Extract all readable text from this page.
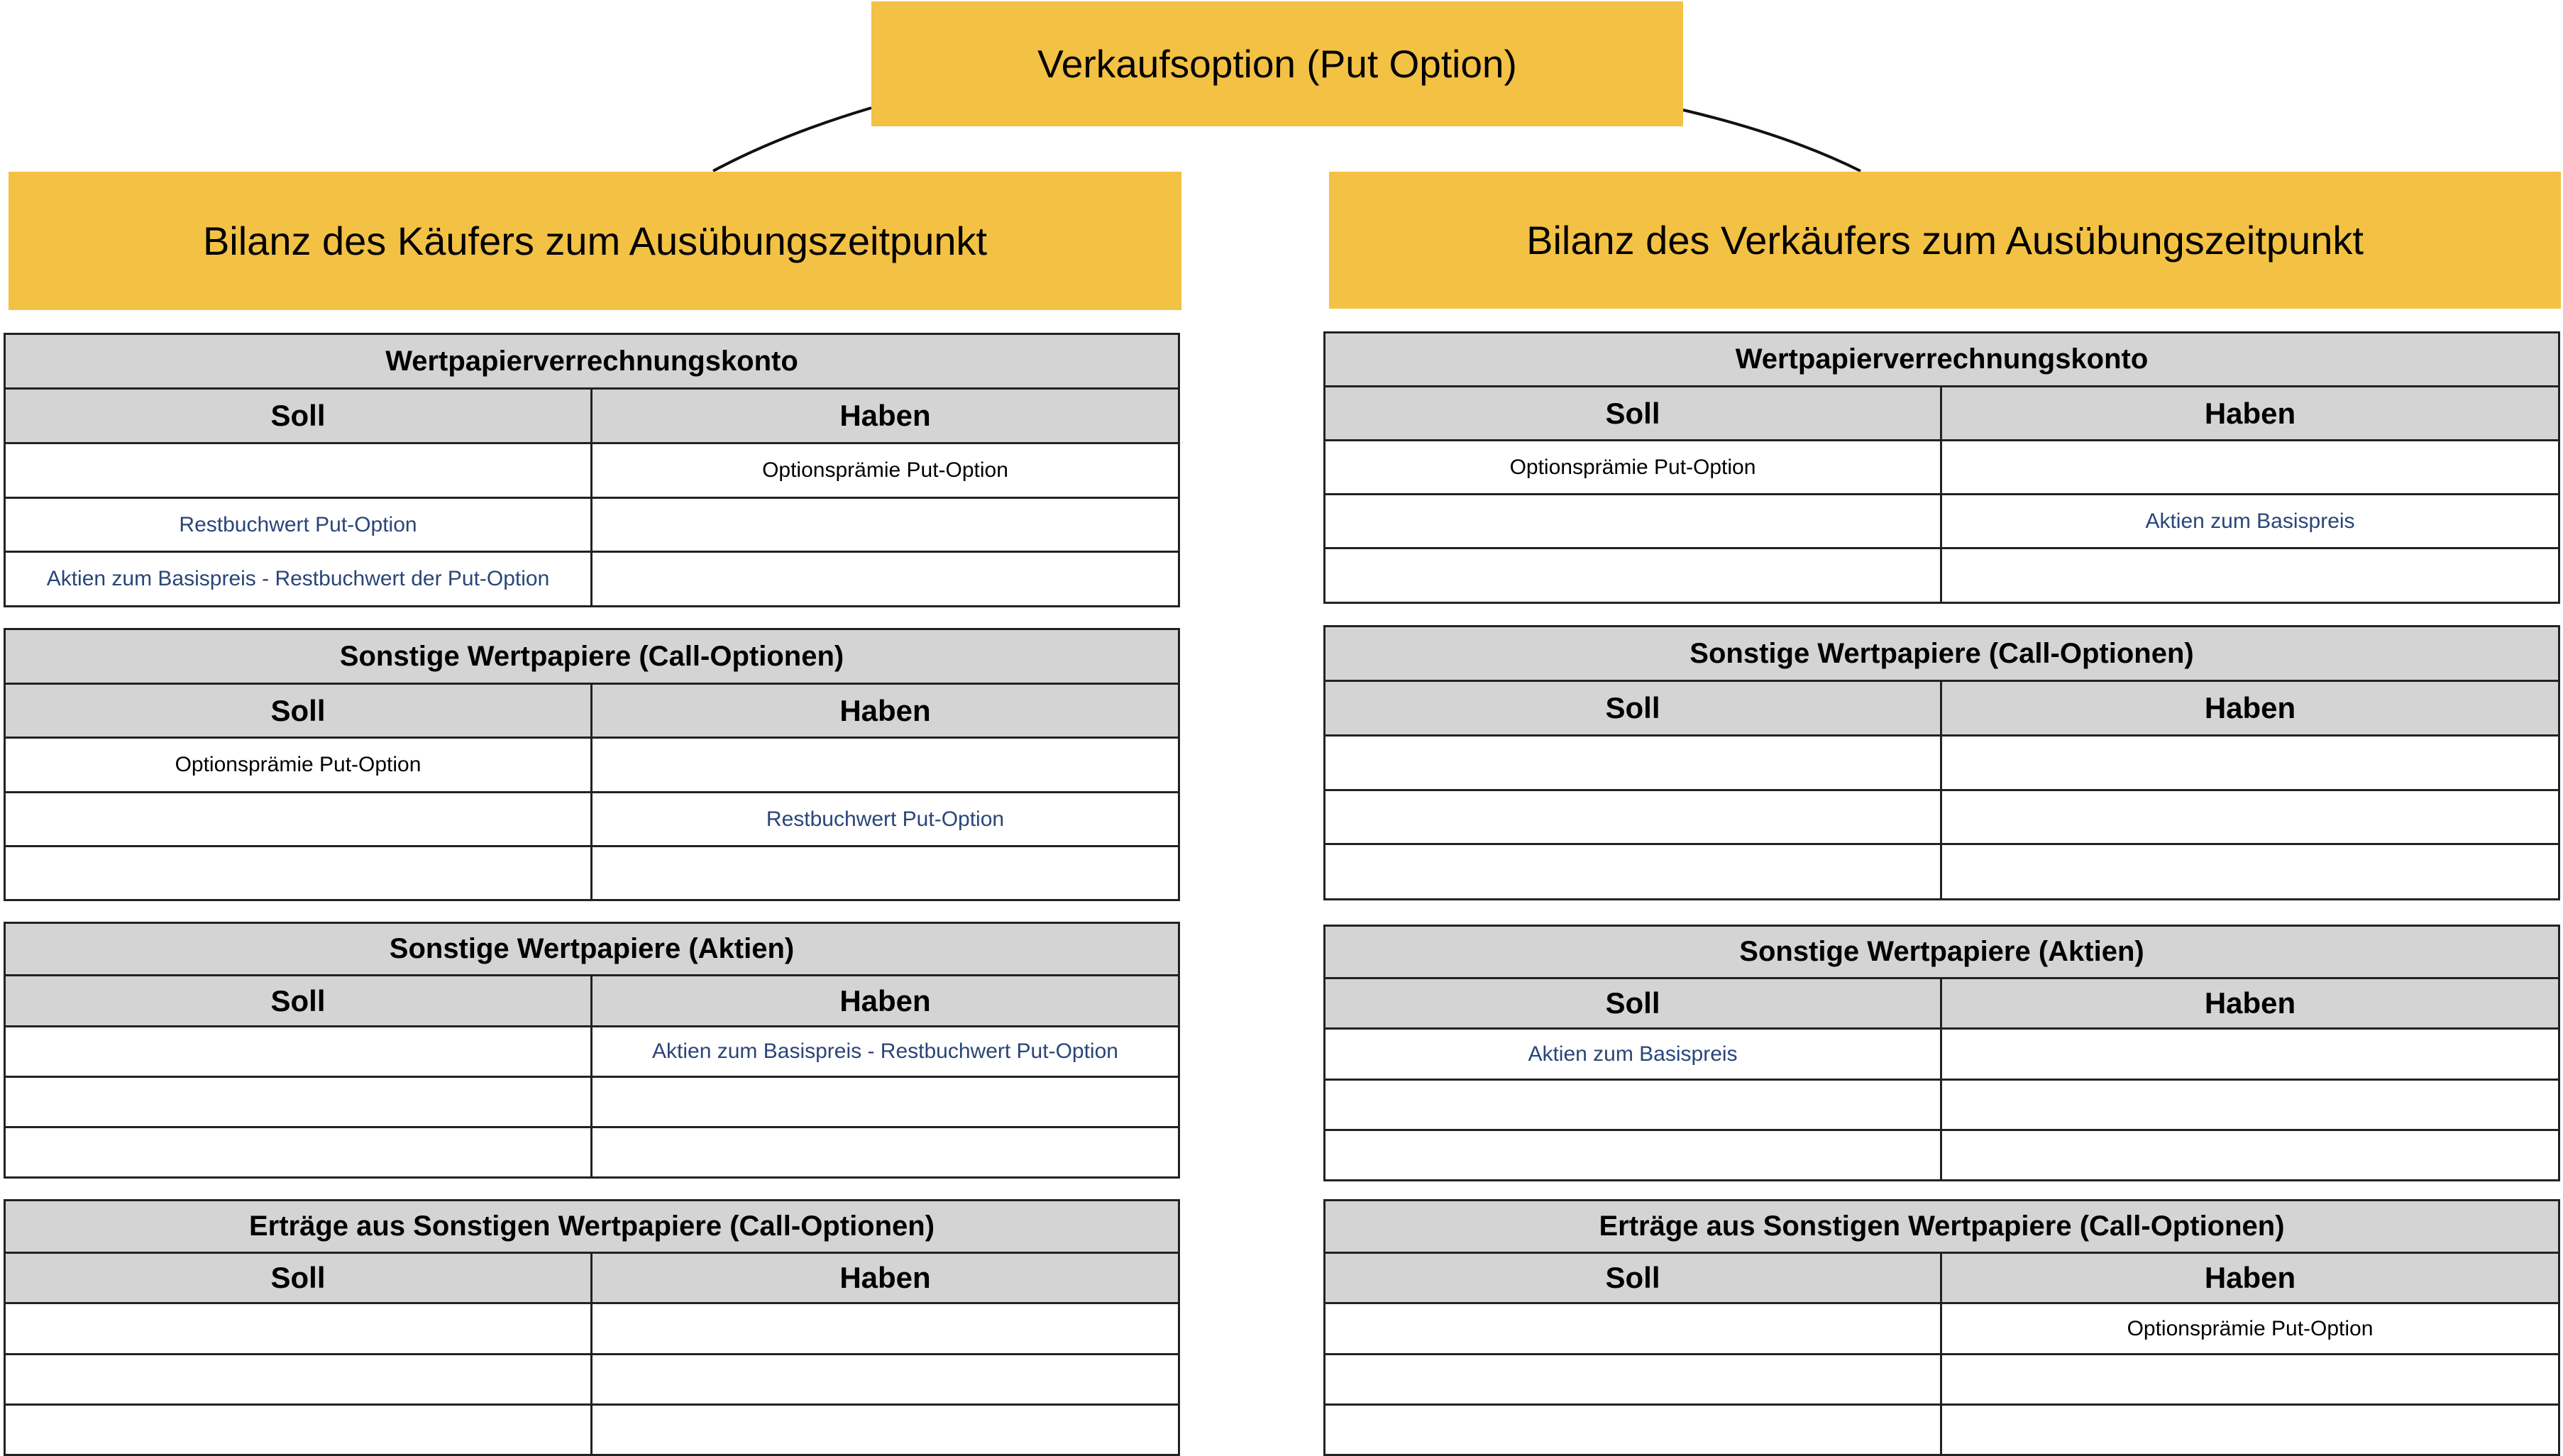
Verkaufsoption (Put Option)
Bilanz des Käufers zum Ausübungszeitpunkt	Bilanz des Verkäufers zum Ausübungszeitpunkt
Wertpapierverrechnungskonto	
Soll	Haben
	Optionsprämie Put-Option
Restbuchwert Put-Option	
Aktien zum Basispreis - Restbuchwert der Put-Option	
Sonstige Wertpapiere (Call-Optionen)	
Soll	Haben
Optionsprämie Put-Option	
	Restbuchwert Put-Option

Sonstige Wertpapiere (Aktien)	
Soll	Haben
	Aktien zum Basispreis - Restbuchwert Put-Option

Erträge aus Sonstigen Wertpapiere (Call-Optionen)	
Soll	Haben

Wertpapierverrechnungskonto	
Soll	Haben
Optionsprämie Put-Option	
	Aktien zum Basispreis

Sonstige Wertpapiere (Call-Optionen)	
Soll	Haben

Sonstige Wertpapiere (Aktien)	
Soll	Haben
Aktien zum Basispreis	

Erträge aus Sonstigen Wertpapiere (Call-Optionen)	
Soll	Haben
	Optionsprämie Put-Option
